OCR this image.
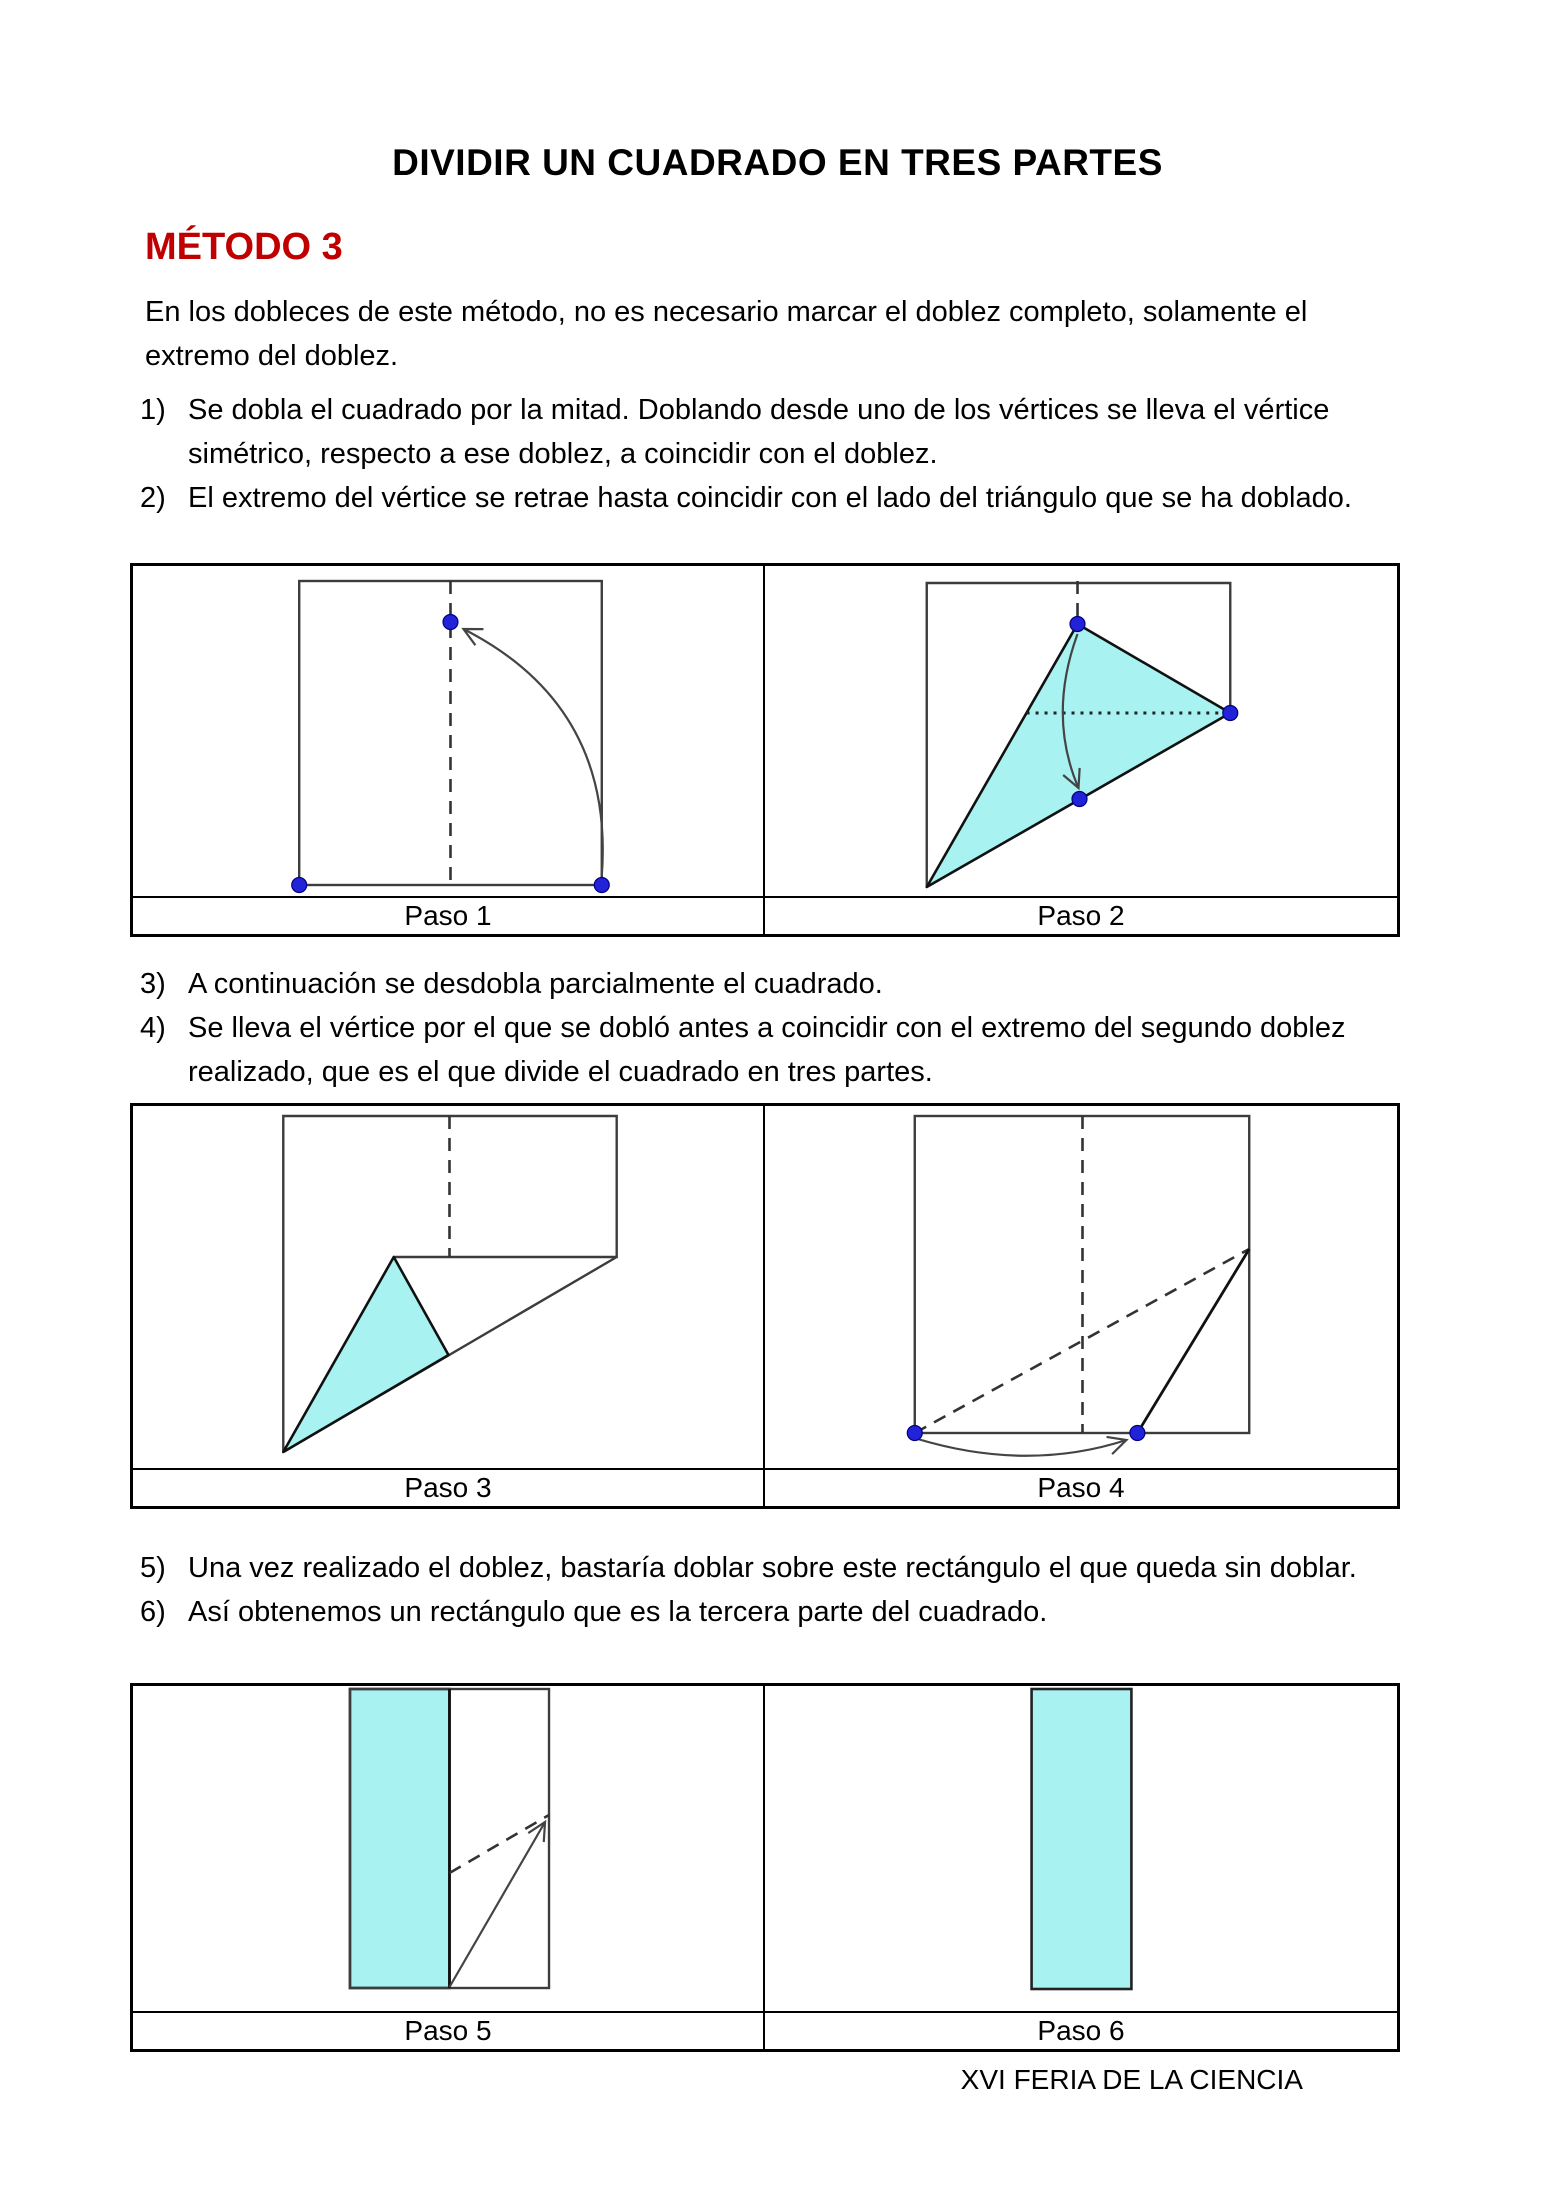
DIVIDIR UN CUADRADO EN TRES PARTES
MÉTODO 3
En los dobleces de este método, no es necesario marcar el doblez completo, solamente el extremo del doblez.
1) Se dobla el cuadrado por la mitad. Doblando desde uno de los vértices se lleva el vértice simétrico, respecto a ese doblez, a coincidir con el doblez.
2) El extremo del vértice se retrae hasta coincidir con el lado del triángulo que se ha doblado.
Paso 1	Paso 2
3) A continuación se desdobla parcialmente el cuadrado.
4) Se lleva el vértice por el que se dobló antes a coincidir con el extremo del segundo doblez realizado, que es el que divide el cuadrado en tres partes.
Paso 3	Paso 4
5) Una vez realizado el doblez, bastaría doblar sobre este rectángulo el que queda sin doblar.
6) Así obtenemos un rectángulo que es la tercera parte del cuadrado.
Paso 5	Paso 6
XVI FERIA DE LA CIENCIA
